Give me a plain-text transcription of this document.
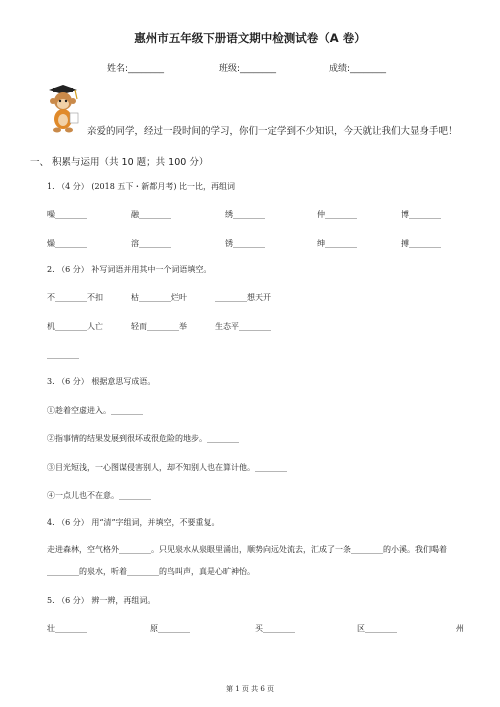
惠州市五年级下册语文期中检测试卷（A 卷）
姓名:________	班级:________	成绩:________
亲爱的同学，经过一段时间的学习，你们一定学到不少知识，今天就让我们大显身手吧！
一、 积累与运用（共 10 题；共 100 分）
1. （4 分） (2018 五下・新都月考) 比一比，再组词
噪________	融________	绣________	仲________	博________
燥________	溶________	锈________	绅________	搏________
2. （6 分） 补写词语并用其中一个词语填空。
不________不扣	枯________烂叶	________想天开
机________人亡	轻而________举	生态平________
________
3. （6 分） 根据意思写成语。
①趁着空虚进入。________
②指事情的结果发展到很坏或很危险的地步。________
③目光短浅，一心图谋侵害别人，却不知别人也在算计他。________
④一点儿也不在意。________
4. （6 分） 用“清”字组词，并填空，不要重复。
走进森林，空气格外________。只见泉水从泉眼里涌出，顺势向远处流去，汇成了一条________的小溪。我们喝着________的泉水，听着________的鸟叫声，真是心旷神怡。
5. （6 分） 辨一辨，再组词。
壮________	原________	买________	区________	州
第 1 页 共 6 页
